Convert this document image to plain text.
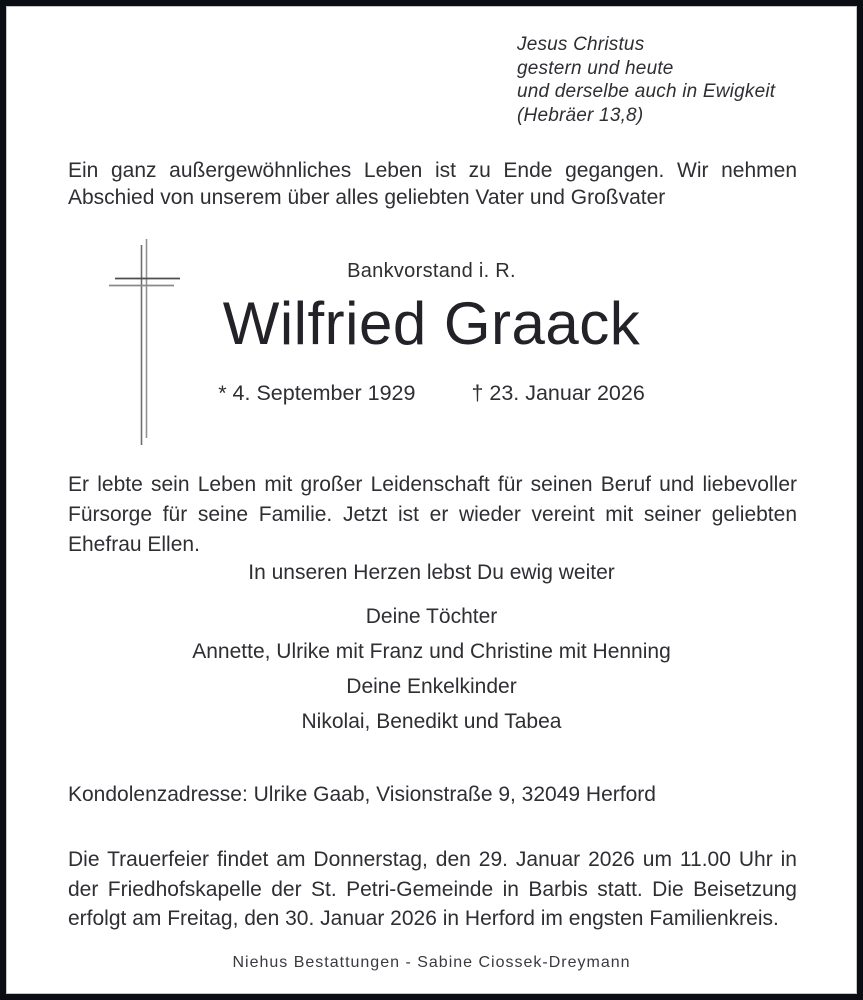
Jesus Christus
gestern und heute
und derselbe auch in Ewigkeit
(Hebräer 13,8)
Ein ganz außergewöhnliches Leben ist zu Ende gegangen. Wir nehmen Abschied von unserem über alles geliebten Vater und Großvater
Bankvorstand i. R.
Wilfried Graack
* 4. September 1929	† 23. Januar 2026
Er lebte sein Leben mit großer Leidenschaft für seinen Beruf und liebevoller Fürsorge für seine Familie. Jetzt ist er wieder vereint mit seiner geliebten Ehefrau Ellen.
In unseren Herzen lebst Du ewig weiter
Deine Töchter
Annette, Ulrike mit Franz und Christine mit Henning
Deine Enkelkinder
Nikolai, Benedikt und Tabea
Kondolenzadresse: Ulrike Gaab, Visionstraße 9, 32049 Herford
Die Trauerfeier findet am Donnerstag, den 29. Januar 2026 um 11.00 Uhr in der Friedhofskapelle der St. Petri-Gemeinde in Barbis statt. Die Beisetzung erfolgt am Freitag, den 30. Januar 2026 in Herford im engsten Familienkreis.
Niehus Bestattungen - Sabine Ciossek-Dreymann
